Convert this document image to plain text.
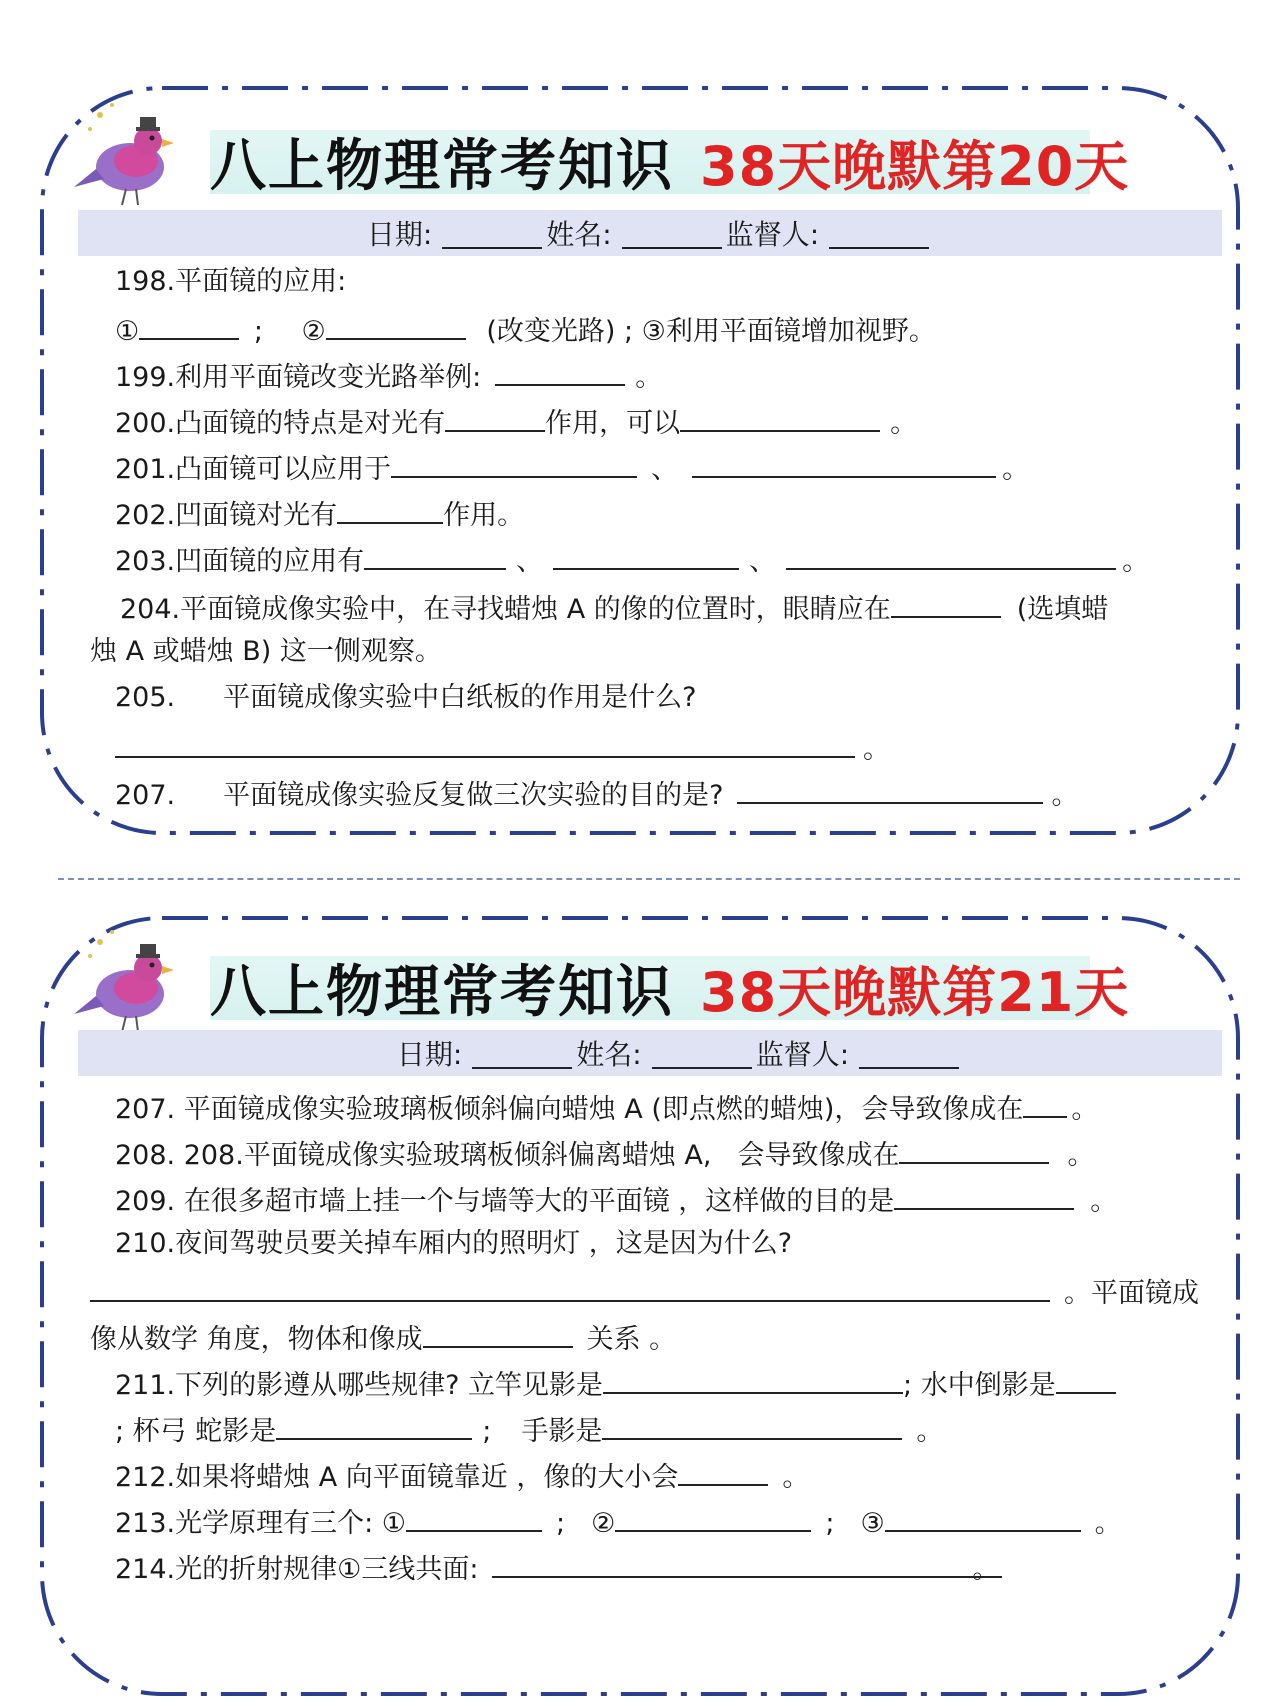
八上物理常考知识 38天晚默第20天
日期:	姓名:	监督人:
198.平面镜的应用:
①	; ②	(改变光路) ; ③利用平面镜增加视野。
199.利用平面镜改变光路举例:	。
200.凸面镜的特点是对光有	作用，可以	。
201.凸面镜可以应用于	、	。
202.凹面镜对光有	作用。
203.凹面镜的应用有	、	、	。
204.平面镜成像实验中，在寻找蜡烛 A 的像的位置时，眼睛应在	(选填蜡
烛 A 或蜡烛 B) 这一侧观察。
205. 平面镜成像实验中白纸板的作用是什么?
。
207. 平面镜成像实验反复做三次实验的目的是?	。
八上物理常考知识 38天晚默第21天
日期:	姓名:	监督人:
207. 平面镜成像实验玻璃板倾斜偏向蜡烛 A (即点燃的蜡烛)，会导致像成在 。
208. 208.平面镜成像实验玻璃板倾斜偏离蜡烛 A, 会导致像成在	。
209. 在很多超市墙上挂一个与墙等大的平面镜 ，这样做的目的是	。
210.夜间驾驶员要关掉车厢内的照明灯 ，这是因为什么?
。平面镜成
像从数学 角度，物体和像成	关系 。
211.下列的影遵从哪些规律? 立竿见影是	; 水中倒影是
; 杯弓 蛇影是	; 手影是	。
212.如果将蜡烛 A 向平面镜靠近 ，像的大小会	。
213.光学原理有三个: ①	; ②	; ③	。
214.光的折射规律①三线共面:	。
